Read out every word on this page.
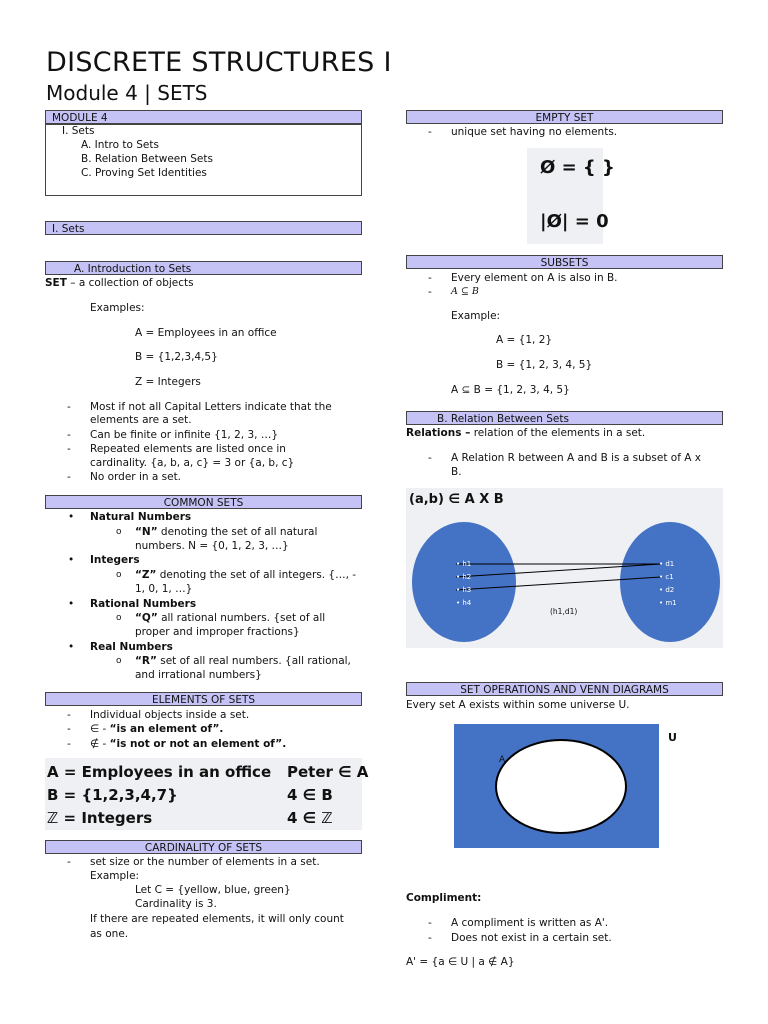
DISCRETE STRUCTURES I
Module 4 | SETS
MODULE 4
I. Sets
A. Intro to Sets
B. Relation Between Sets
C. Proving Set Identities
I. Sets
A. Introduction to Sets
SET – a collection of objects
Examples:
A = Employees in an office
B = {1,2,3,4,5}
Z = Integers
- Most if not all Capital Letters indicate that the
elements are a set.
- Can be finite or infinite {1, 2, 3, …}
- Repeated elements are listed once in
cardinality. {a, b, a, c} = 3 or {a, b, c}
- No order in a set.
COMMON SETS
• Natural Numbers
o “N” denoting the set of all natural
numbers. N = {0, 1, 2, 3, …}
• Integers
o “Z” denoting the set of all integers. {…, -
1, 0, 1, …}
• Rational Numbers
o “Q” all rational numbers. {set of all
proper and improper fractions}
• Real Numbers
o “R” set of all real numbers. {all rational,
and irrational numbers}
ELEMENTS OF SETS
- Individual objects inside a set.
- ∈ - “is an element of”.
- ∉ - “is not or not an element of”.
A = Employees in an office Peter ∈ A
B = {1,2,3,4,7}	4 ∈ B
ℤ = Integers	4 ∈ ℤ
CARDINALITY OF SETS
- set size or the number of elements in a set.
Example:
Let C = {yellow, blue, green}
Cardinality is 3.
If there are repeated elements, it will only count
as one.
EMPTY SET
- unique set having no elements.
Ø = { }
|Ø| = 0
SUBSETS
- Every element on A is also in B.
- A ⊆ B
Example:
A = {1, 2}
B = {1, 2, 3, 4, 5}
A ⊆ B = {1, 2, 3, 4, 5}
B. Relation Between Sets
Relations – relation of the elements in a set.
- A Relation R between A and B is a subset of A x
B.
(a,b) ∈ A X B
• h1
• h2
• h3
• h4
• d1
• c1
• d2
• m1
(h1,d1)
SET OPERATIONS AND VENN DIAGRAMS
Every set A exists within some universe U.
A
U
Compliment:
- A compliment is written as A'.
- Does not exist in a certain set.
A' = {a ∈ U | a ∉ A}
